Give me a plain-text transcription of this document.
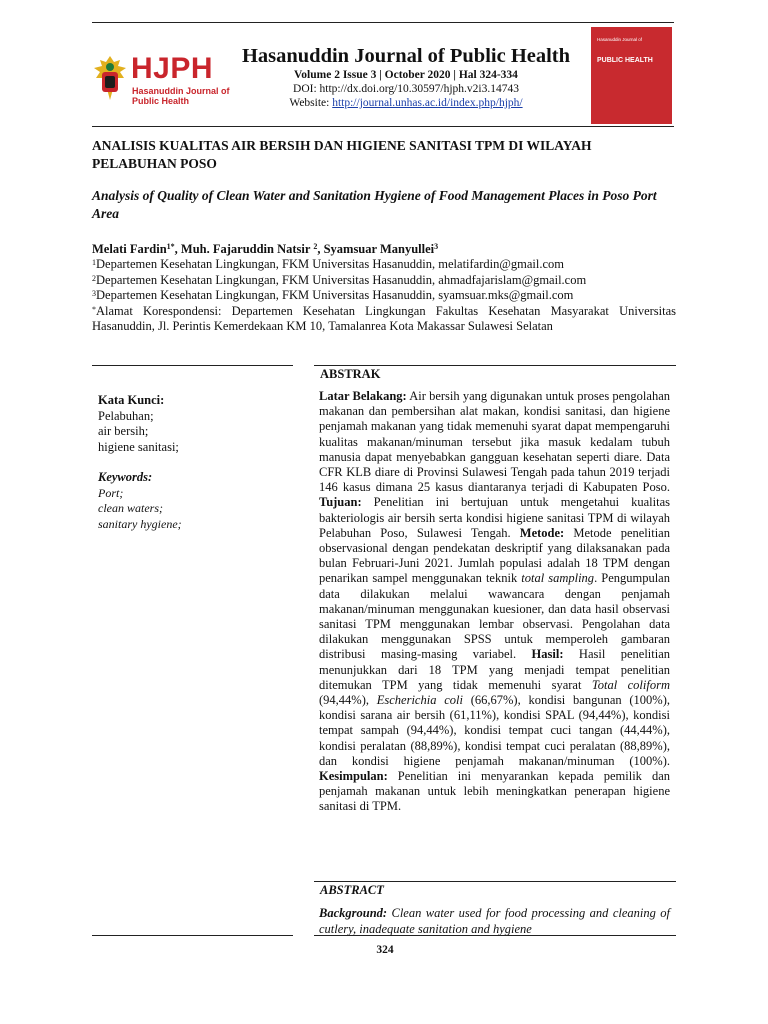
HJPH
Hasanuddin Journal of
Public Health
Hasanuddin Journal of Public Health
Volume 2 Issue 3 | October 2020 | Hal 324-334
DOI: http://dx.doi.org/10.30597/hjph.v2i3.14743
Website: http://journal.unhas.ac.id/index.php/hjph/
Hasanuddin Journal of
PUBLIC HEALTH
ANALISIS KUALITAS AIR BERSIH DAN HIGIENE SANITASI TPM DI WILAYAH PELABUHAN POSO
Analysis of Quality of Clean Water and Sanitation Hygiene of Food Management Places in Poso Port Area
Melati Fardin$^{1*}$, Muh. Fajaruddin Natsir $^2$, Syamsuar Manyullei$^3$
$^1$Departemen Kesehatan Lingkungan, FKM Universitas Hasanuddin, melatifardin@gmail.com
$^2$Departemen Kesehatan Lingkungan, FKM Universitas Hasanuddin, ahmadfajarislam@gmail.com
$^3$Departemen Kesehatan Lingkungan, FKM Universitas Hasanuddin, syamsuar.mks@gmail.com
*Alamat Korespondensi: Departemen Kesehatan Lingkungan Fakultas Kesehatan Masyarakat Universitas Hasanuddin, Jl. Perintis Kemerdekaan KM 10, Tamalanrea Kota Makassar Sulawesi Selatan
Kata Kunci:
Pelabuhan;
air bersih;
higiene sanitasi;
Keywords:
Port;
clean waters;
sanitary hygiene;
ABSTRAK
Latar Belakang: Air bersih yang digunakan untuk proses pengolahan makanan dan pembersihan alat makan, kondisi sanitasi, dan higiene penjamah makanan yang tidak memenuhi syarat dapat mempengaruhi kualitas makanan/minuman tersebut jika masuk kedalam tubuh manusia dapat menyebabkan gangguan kesehatan seperti diare. Data CFR KLB diare di Provinsi Sulawesi Tengah pada tahun 2019 terjadi 146 kasus dimana 25 kasus diantaranya terjadi di Kabupaten Poso. Tujuan: Penelitian ini bertujuan untuk mengetahui kualitas bakteriologis air bersih serta kondisi higiene sanitasi TPM di wilayah Pelabuhan Poso, Sulawesi Tengah. Metode: Metode penelitian observasional dengan pendekatan deskriptif yang dilaksanakan pada bulan Februari-Juni 2021. Jumlah populasi adalah 18 TPM dengan penarikan sampel menggunakan teknik total sampling. Pengumpulan data dilakukan melalui wawancara dengan penjamah makanan/minuman menggunakan kuesioner, dan data hasil observasi sanitasi TPM menggunakan lembar observasi. Pengolahan data dilakukan menggunakan SPSS untuk memperoleh gambaran distribusi masing-masing variabel. Hasil: Hasil penelitian menunjukkan dari 18 TPM yang menjadi tempat penelitian ditemukan TPM yang tidak memenuhi syarat Total coliform (94,44%), Escherichia coli (66,67%), kondisi bangunan (100%), kondisi sarana air bersih (61,11%), kondisi SPAL (94,44%), kondisi tempat sampah (94,44%), kondisi tempat cuci tangan (44,44%), kondisi peralatan (88,89%), kondisi tempat cuci peralatan (88,89%), dan kondisi higiene penjamah makanan/minuman (100%). Kesimpulan: Penelitian ini menyarankan kepada pemilik dan penjamah makanan untuk lebih meningkatkan penerapan higiene sanitasi di TPM.
ABSTRACT
Background: Clean water used for food processing and cleaning of cutlery, inadequate sanitation and hygiene
324
